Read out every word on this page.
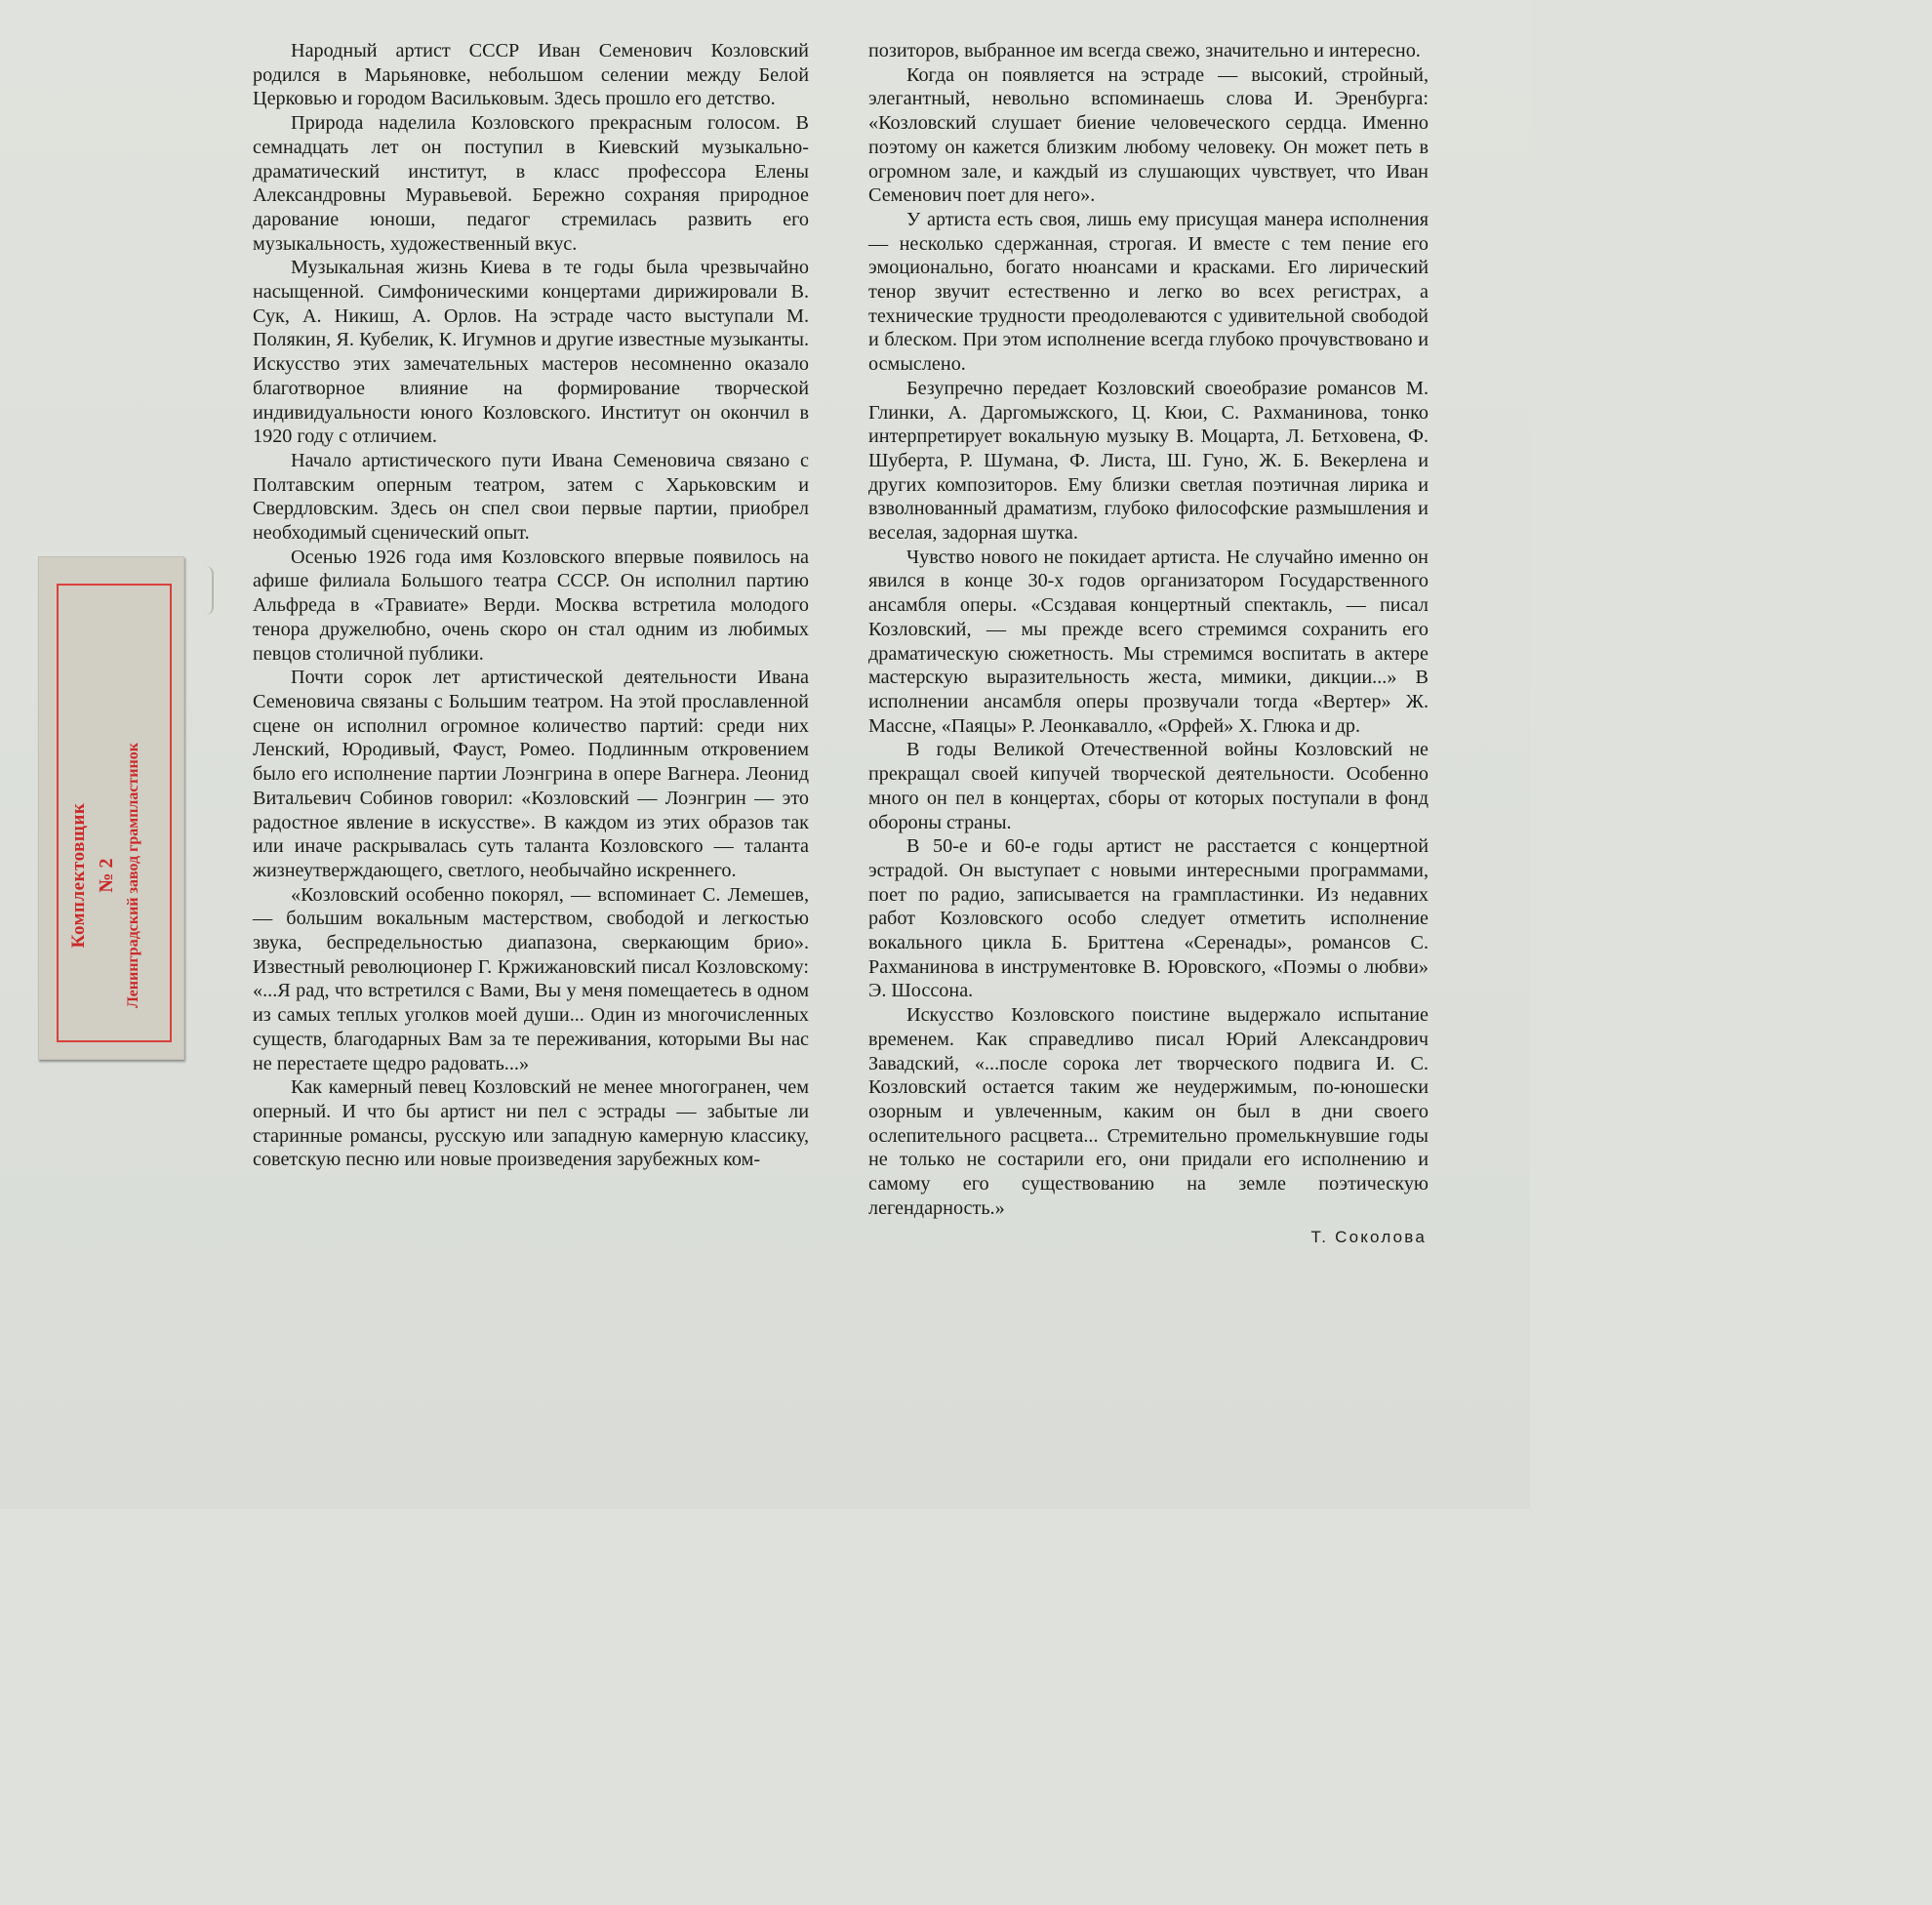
Комплектовщик № 2 Ленинградский завод грампластинок

Народный артист СССР Иван Семенович Козловский родился в Марьяновке, небольшом селении между Белой Церковью и городом Васильковым. Здесь прошло его детство.

Природа наделила Козловского прекрасным голосом. В семнадцать лет он поступил в Киевский музыкально-драматический институт, в класс профессора Елены Александровны Муравьевой. Бережно сохраняя природное дарование юноши, педагог стремилась развить его музыкальность, художественный вкус.

Музыкальная жизнь Киева в те годы была чрезвычайно насыщенной. Симфоническими концертами дирижировали В. Сук, А. Никиш, А. Орлов. На эстраде часто выступали М. Полякин, Я. Кубелик, К. Игумнов и другие известные музыканты. Искусство этих замечательных мастеров несомненно оказало благотворное влияние на формирование творческой индивидуальности юного Козловского. Институт он окончил в 1920 году с отличием.

Начало артистического пути Ивана Семеновича связано с Полтавским оперным театром, затем с Харьковским и Свердловским. Здесь он спел свои первые партии, приобрел необходимый сценический опыт.

Осенью 1926 года имя Козловского впервые появилось на афише филиала Большого театра СССР. Он исполнил партию Альфреда в «Травиате» Верди. Москва встретила молодого тенора дружелюбно, очень скоро он стал одним из любимых певцов столичной публики.

Почти сорок лет артистической деятельности Ивана Семеновича связаны с Большим театром. На этой прославленной сцене он исполнил огромное количество партий: среди них Ленский, Юродивый, Фауст, Ромео. Подлинным откровением было его исполнение партии Лоэнгрина в опере Вагнера. Леонид Витальевич Собинов говорил: «Козловский — Лоэнгрин — это радостное явление в искусстве». В каждом из этих образов так или иначе раскрывалась суть таланта Козловского — таланта жизнеутверждающего, светлого, необычайно искреннего.

«Козловский особенно покорял, — вспоминает С. Лемешев, — большим вокальным мастерством, свободой и легкостью звука, беспредельностью диапазона, сверкающим брио». Известный революционер Г. Кржижановский писал Козловскому: «...Я рад, что встретился с Вами, Вы у меня помещаетесь в одном из самых теплых уголков моей души... Один из многочисленных существ, благодарных Вам за те переживания, которыми Вы нас не перестаете щедро радовать...»

Как камерный певец Козловский не менее многогранен, чем оперный. И что бы артист ни пел с эстрады — забытые ли старинные романсы, русскую или западную камерную классику, советскую песню или новые произведения зарубежных ком-

позиторов, выбранное им всегда свежо, значительно и интересно.

Когда он появляется на эстраде — высокий, стройный, элегантный, невольно вспоминаешь слова И. Эренбурга: «Козловский слушает биение человеческого сердца. Именно поэтому он кажется близким любому человеку. Он может петь в огромном зале, и каждый из слушающих чувствует, что Иван Семенович поет для него».

У артиста есть своя, лишь ему присущая манера исполнения — несколько сдержанная, строгая. И вместе с тем пение его эмоционально, богато нюансами и красками. Его лирический тенор звучит естественно и легко во всех регистрах, а технические трудности преодолеваются с удивительной свободой и блеском. При этом исполнение всегда глубоко прочувствовано и осмыслено.

Безупречно передает Козловский своеобразие романсов М. Глинки, А. Даргомыжского, Ц. Кюи, С. Рахманинова, тонко интерпретирует вокальную музыку В. Моцарта, Л. Бетховена, Ф. Шуберта, Р. Шумана, Ф. Листа, Ш. Гуно, Ж. Б. Векерлена и других композиторов. Ему близки светлая поэтичная лирика и взволнованный драматизм, глубоко философские размышления и веселая, задорная шутка.

Чувство нового не покидает артиста. Не случайно именно он явился в конце 30-х годов организатором Государственного ансамбля оперы. «Ссздавая концертный спектакль, — писал Козловский, — мы прежде всего стремимся сохранить его драматическую сюжетность. Мы стремимся воспитать в актере мастерскую выразительность жеста, мимики, дикции...» В исполнении ансамбля оперы прозвучали тогда «Вертер» Ж. Массне, «Паяцы» Р. Леонкавалло, «Орфей» Х. Глюка и др.

В годы Великой Отечественной войны Козловский не прекращал своей кипучей творческой деятельности. Особенно много он пел в концертах, сборы от которых поступали в фонд обороны страны.

В 50-е и 60-е годы артист не расстается с концертной эстрадой. Он выступает с новыми интересными программами, поет по радио, записывается на грампластинки. Из недавних работ Козловского особо следует отметить исполнение вокального цикла Б. Бриттена «Серенады», романсов С. Рахманинова в инструментовке В. Юровского, «Поэмы о любви» Э. Шоссона.

Искусство Козловского поистине выдержало испытание временем. Как справедливо писал Юрий Александрович Завадский, «...после сорока лет творческого подвига И. С. Козловский остается таким же неудержимым, по-юношески озорным и увлеченным, каким он был в дни своего ослепительного расцвета... Стремительно промелькнувшие годы не только не состарили его, они придали его исполнению и самому его существованию на земле поэтическую легендарность.»

Т. Соколова
